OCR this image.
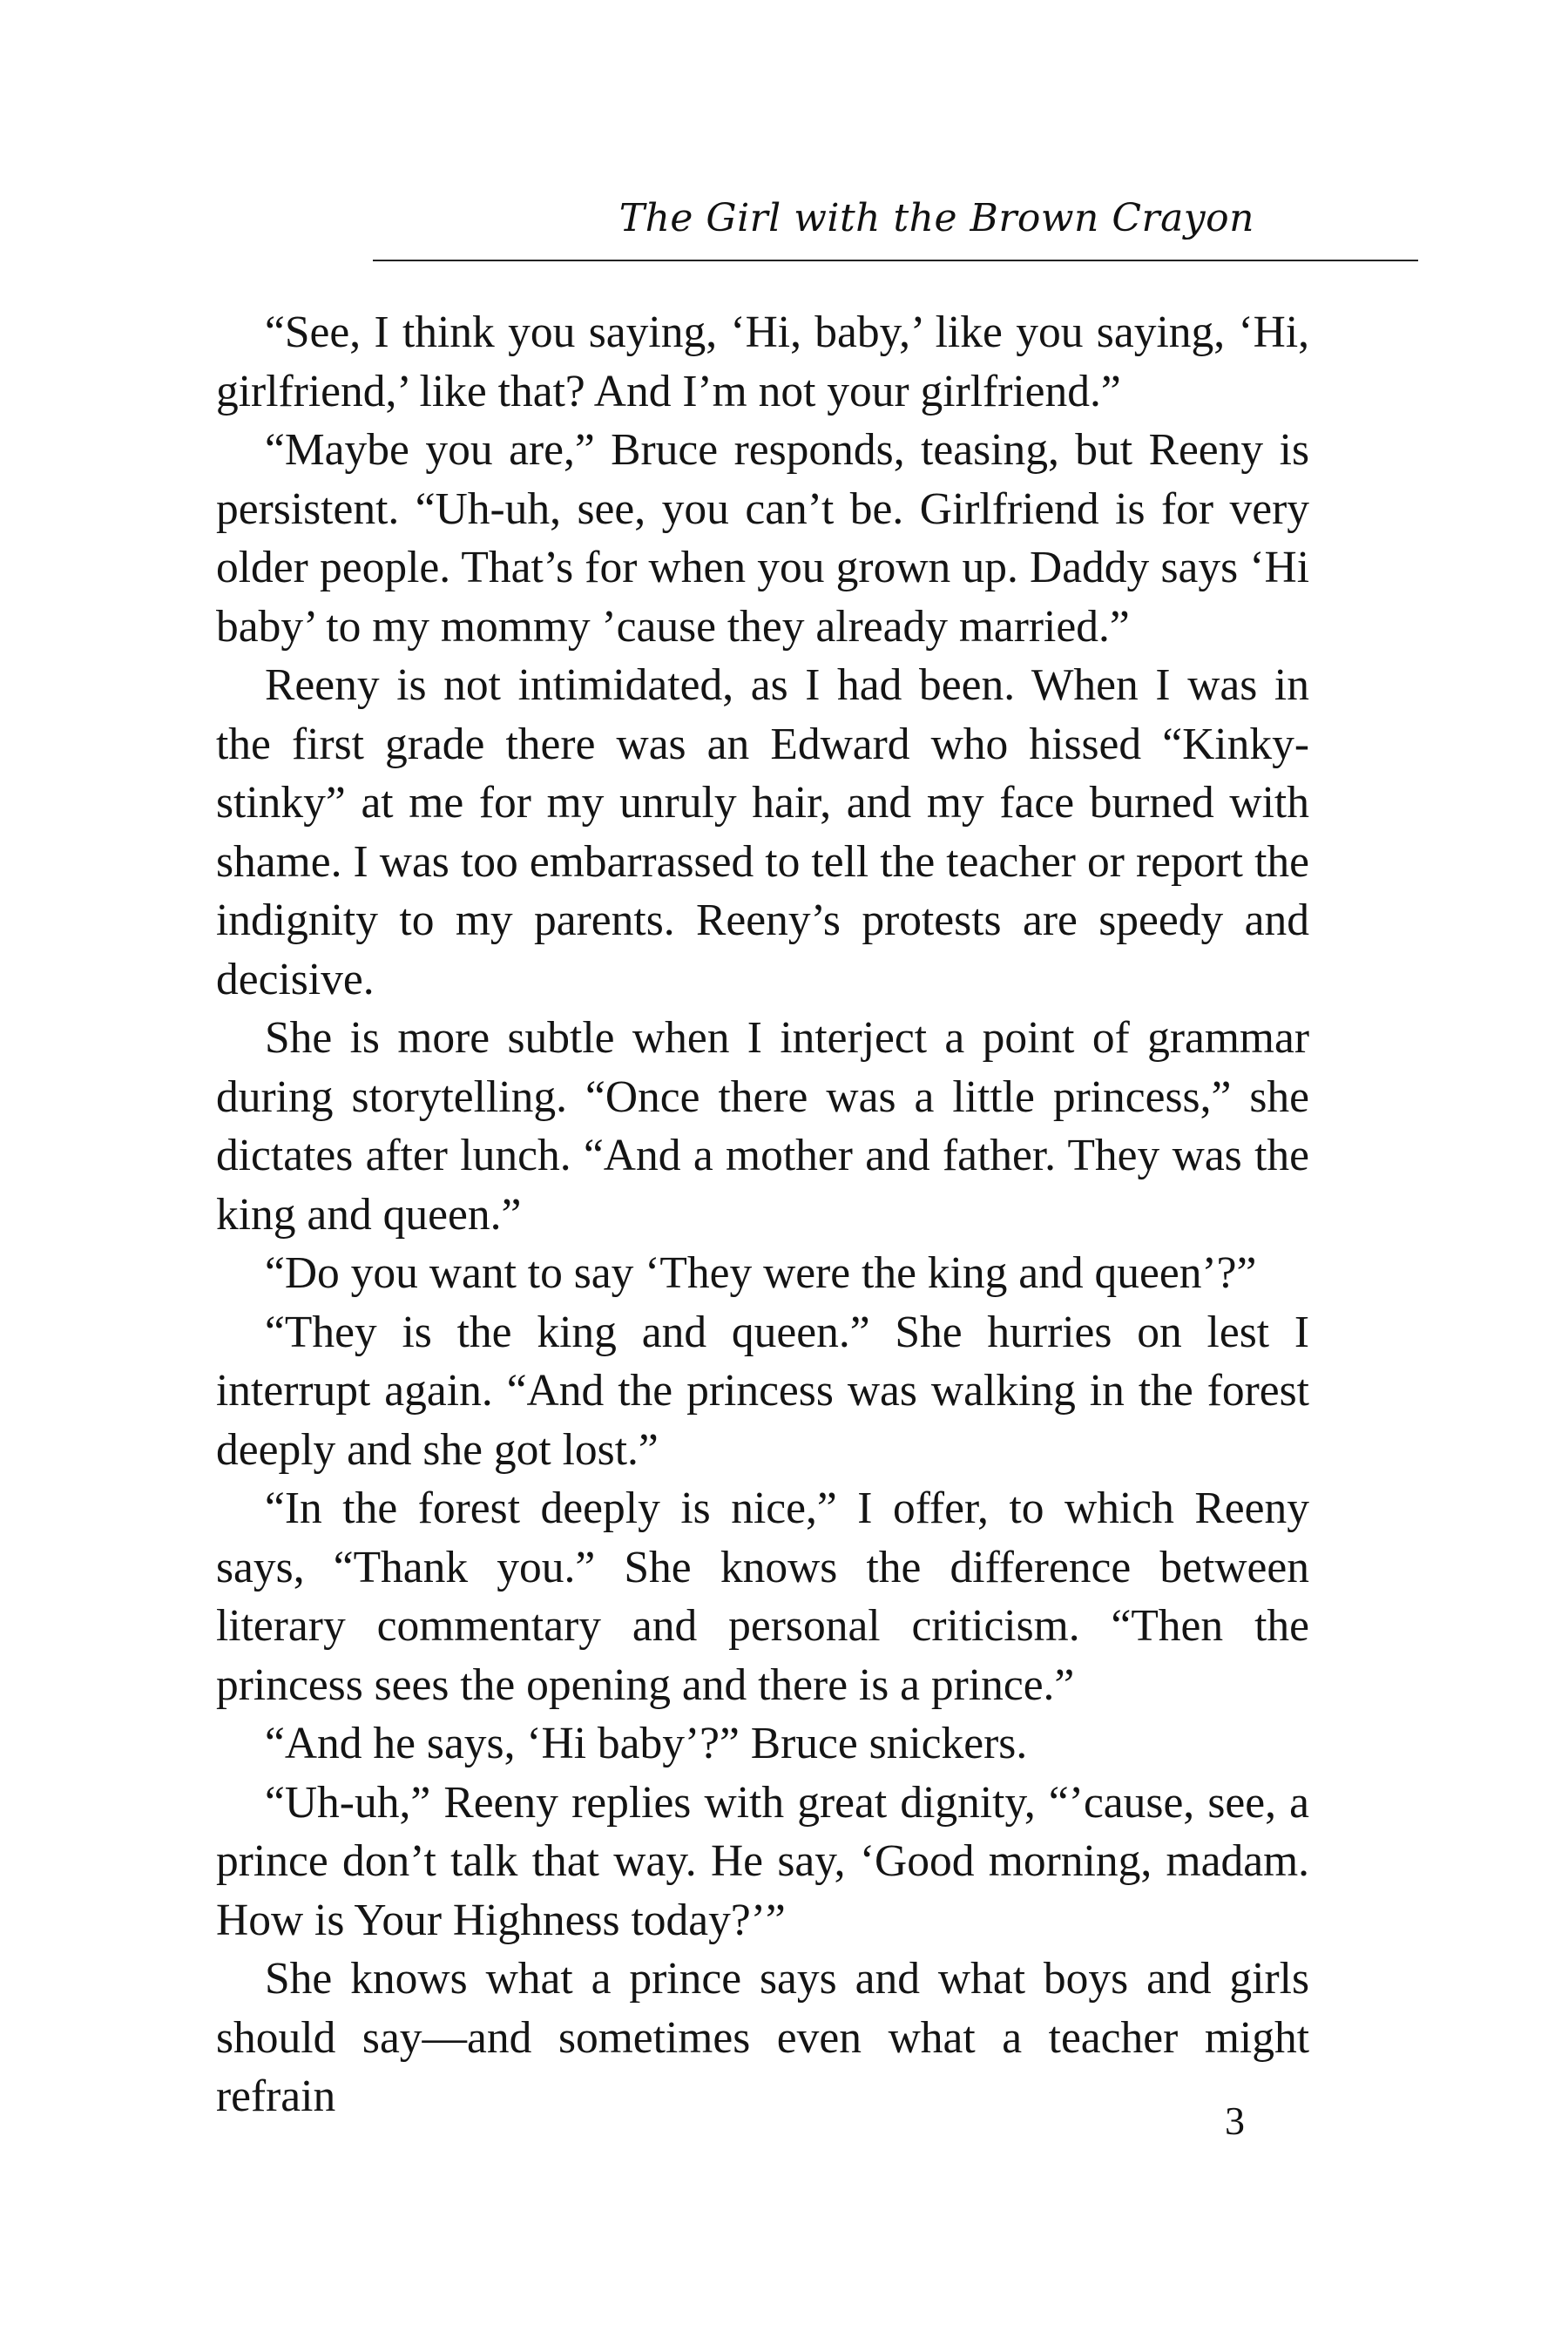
The Girl with the Brown Crayon

“See, I think you saying, ‘Hi, baby,’ like you saying, ‘Hi, girlfriend,’ like that? And I’m not your girlfriend.”

“Maybe you are,” Bruce responds, teasing, but Reeny is persistent. “Uh-uh, see, you can’t be. Girlfriend is for very older people. That’s for when you grown up. Daddy says ‘Hi baby’ to my mommy ’cause they already married.”

Reeny is not intimidated, as I had been. When I was in the first grade there was an Edward who hissed “Kinky-stinky” at me for my unruly hair, and my face burned with shame. I was too embarrassed to tell the teacher or report the indignity to my parents. Reeny’s protests are speedy and decisive.

She is more subtle when I interject a point of grammar during storytelling. “Once there was a little princess,” she dictates after lunch. “And a mother and father. They was the king and queen.”

“Do you want to say ‘They were the king and queen’?”

“They is the king and queen.” She hurries on lest I interrupt again. “And the princess was walking in the forest deeply and she got lost.”

“In the forest deeply is nice,” I offer, to which Reeny says, “Thank you.” She knows the difference between literary commentary and personal criticism. “Then the princess sees the opening and there is a prince.”

“And he says, ‘Hi baby’?” Bruce snickers.

“Uh-uh,” Reeny replies with great dignity, “’cause, see, a prince don’t talk that way. He say, ‘Good morning, madam. How is Your Highness today?’”

She knows what a prince says and what boys and girls should say—and sometimes even what a teacher might refrain	3
